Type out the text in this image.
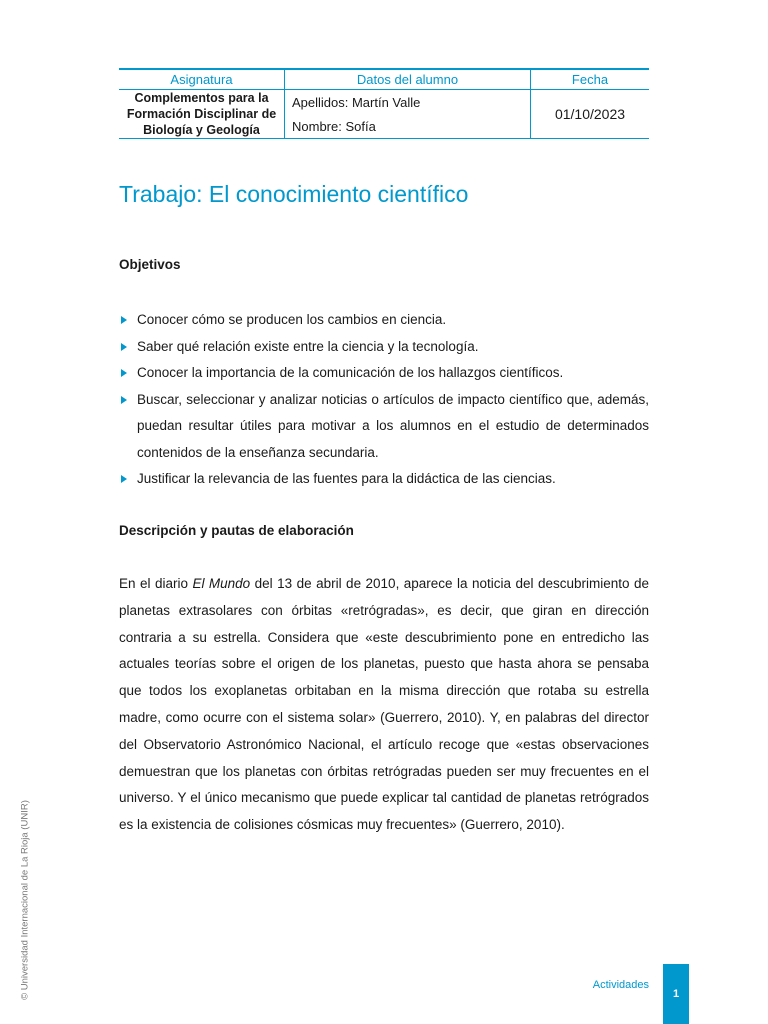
Asignatura	Datos del alumno	Fecha
Complementos para la Formación Disciplinar de Biología y Geología	Apellidos: Martín Valle	01/10/2023
	Nombre: Sofía	
Trabajo: El conocimiento científico
Objetivos
Conocer cómo se producen los cambios en ciencia.
Saber qué relación existe entre la ciencia y la tecnología.
Conocer la importancia de la comunicación de los hallazgos científicos.
Buscar, seleccionar y analizar noticias o artículos de impacto científico que, además, puedan resultar útiles para motivar a los alumnos en el estudio de determinados contenidos de la enseñanza secundaria.
Justificar la relevancia de las fuentes para la didáctica de las ciencias.
Descripción y pautas de elaboración

En el diario El Mundo del 13 de abril de 2010, aparece la noticia del descubrimiento de planetas extrasolares con órbitas «retrógradas», es decir, que giran en dirección contraria a su estrella. Considera que «este descubrimiento pone en entredicho las actuales teorías sobre el origen de los planetas, puesto que hasta ahora se pensaba que todos los exoplanetas orbitaban en la misma dirección que rotaba su estrella madre, como ocurre con el sistema solar» (Guerrero, 2010). Y, en palabras del director del Observatorio Astronómico Nacional, el artículo recoge que «estas observaciones demuestran que los planetas con órbitas retrógradas pueden ser muy frecuentes en el universo. Y el único mecanismo que puede explicar tal cantidad de planetas retrógrados es la existencia de colisiones cósmicas muy frecuentes» (Guerrero, 2010).

© Universidad Internacional de La Rioja (UNIR)	Actividades
1
